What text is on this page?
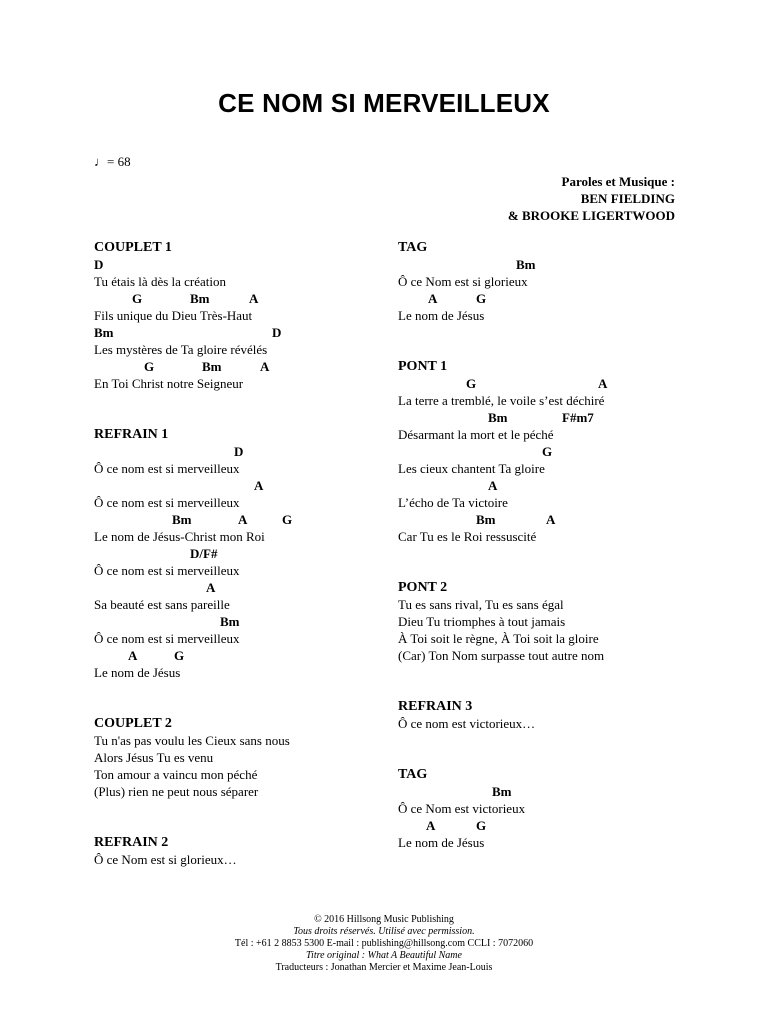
CE NOM SI MERVEILLEUX
♩= 68
Paroles et Musique :
BEN FIELDING
& BROOKE LIGERTWOOD
COUPLET 1
D
Tu étais là dès la création
G	Bm	A
Fils unique du Dieu Très-Haut
Bm	D
Les mystères de Ta gloire révélés
G	Bm	A
En Toi Christ notre Seigneur
REFRAIN 1
D
Ô ce nom est si merveilleux
A
Ô ce nom est si merveilleux
Bm	A	G
Le nom de Jésus-Christ mon Roi
D/F#
Ô ce nom est si merveilleux
A
Sa beauté est sans pareille
Bm
Ô ce nom est si merveilleux
A	G
Le nom de Jésus
COUPLET 2
Tu n'as pas voulu les Cieux sans nous
Alors Jésus Tu es venu
Ton amour a vaincu mon péché
(Plus) rien ne peut nous séparer
REFRAIN 2
Ô ce Nom est si glorieux…
TAG
Bm
Ô ce Nom est si glorieux
A	G
Le nom de Jésus
PONT 1
G	A
La terre a tremblé, le voile s’est déchiré
Bm	F#m7
Désarmant la mort et le péché
G
Les cieux chantent Ta gloire
A
L’écho de Ta victoire
Bm	A
Car Tu es le Roi ressuscité
PONT 2
Tu es sans rival, Tu es sans égal
Dieu Tu triomphes à tout jamais
À Toi soit le règne, À Toi soit la gloire
(Car) Ton Nom surpasse tout autre nom
REFRAIN 3
Ô ce nom est victorieux…
TAG
Bm
Ô ce Nom est victorieux
A	G
Le nom de Jésus
© 2016 Hillsong Music Publishing
Tous droits réservés. Utilisé avec permission.
Tél : +61 2 8853 5300 E-mail : publishing@hillsong.com CCLI : 7072060
Titre original : What A Beautiful Name
Traducteurs : Jonathan Mercier et Maxime Jean-Louis
